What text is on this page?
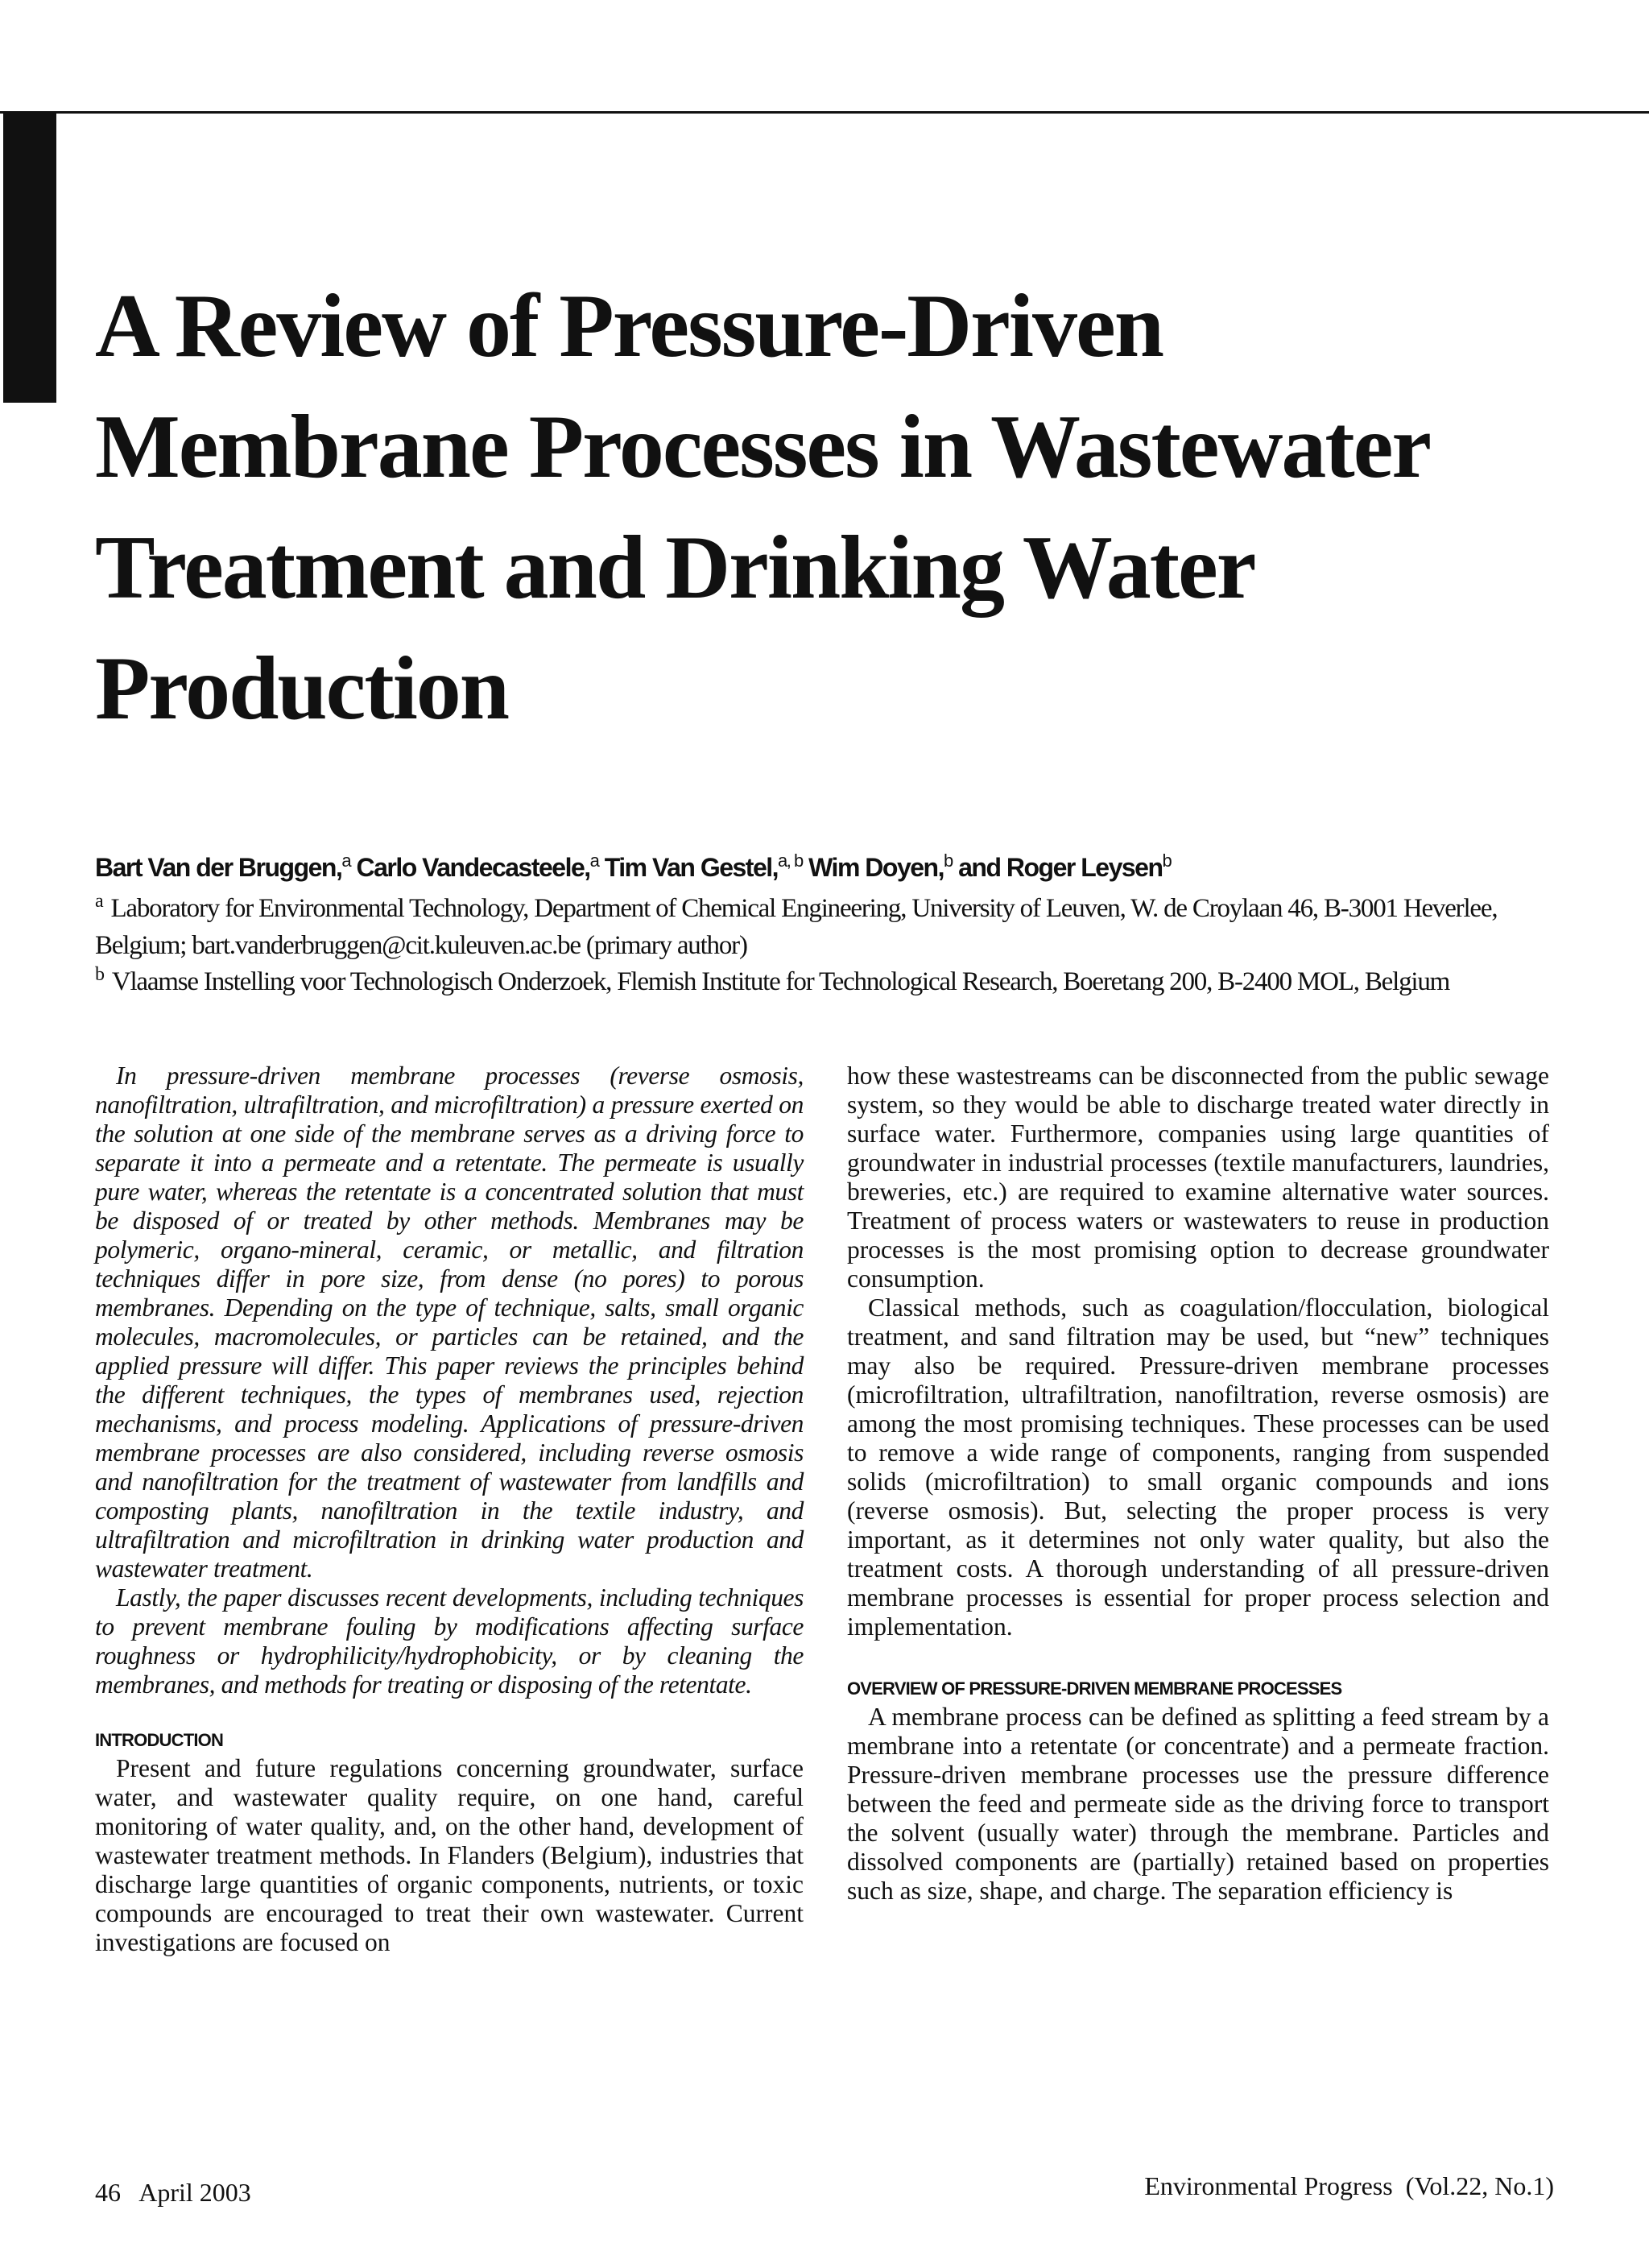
A Review of Pressure-Driven
Membrane Processes in Wastewater
Treatment and Drinking Water
Production
Bart Van der Bruggen,$^a$ Carlo Vandecasteele,$^a$ Tim Van Gestel,$^{a, b}$ Wim Doyen,$^b$ and Roger Leysen$^b$
$^a$ Laboratory for Environmental Technology, Department of Chemical Engineering, University of Leuven, W. de Croylaan 46, B-3001 Heverlee, Belgium; bart.vanderbruggen@cit.kuleuven.ac.be (primary author)
$^b$ Vlaamse Instelling voor Technologisch Onderzoek, Flemish Institute for Technological Research, Boeretang 200, B-2400 MOL, Belgium

In pressure-driven membrane processes (reverse osmosis, nanofiltration, ultrafiltration, and microfiltration) a pressure exerted on the solution at one side of the membrane serves as a driving force to separate it into a permeate and a retentate. The permeate is usually pure water, whereas the retentate is a concentrated solution that must be disposed of or treated by other methods. Membranes may be polymeric, organo-mineral, ceramic, or metallic, and filtration techniques differ in pore size, from dense (no pores) to porous membranes. Depending on the type of technique, salts, small organic molecules, macromolecules, or particles can be retained, and the applied pressure will differ. This paper reviews the principles behind the different techniques, the types of membranes used, rejection mechanisms, and process modeling. Applications of pressure-driven membrane processes are also considered, including reverse osmosis and nanofiltration for the treatment of wastewater from landfills and composting plants, nanofiltration in the textile industry, and ultrafiltration and microfiltration in drinking water production and wastewater treatment.

Lastly, the paper discusses recent developments, including techniques to prevent membrane fouling by modifications affecting surface roughness or hydrophilicity/hydrophobicity, or by cleaning the membranes, and methods for treating or disposing of the retentate.

INTRODUCTION

Present and future regulations concerning groundwater, surface water, and wastewater quality require, on one hand, careful monitoring of water quality, and, on the other hand, development of wastewater treatment methods. In Flanders (Belgium), industries that discharge large quantities of organic components, nutrients, or toxic compounds are encouraged to treat their own wastewater. Current investigations are focused on

how these wastestreams can be disconnected from the public sewage system, so they would be able to discharge treated water directly in surface water. Furthermore, companies using large quantities of groundwater in industrial processes (textile manufacturers, laundries, breweries, etc.) are required to examine alternative water sources. Treatment of process waters or wastewaters to reuse in production processes is the most promising option to decrease groundwater consumption.

Classical methods, such as coagulation/flocculation, biological treatment, and sand filtration may be used, but “new” techniques may also be required. Pressure-driven membrane processes (microfiltration, ultrafiltration, nanofiltration, reverse osmosis) are among the most promising techniques. These processes can be used to remove a wide range of components, ranging from suspended solids (microfiltration) to small organic compounds and ions (reverse osmosis). But, selecting the proper process is very important, as it determines not only water quality, but also the treatment costs. A thorough understanding of all pressure-driven membrane processes is essential for proper process selection and implementation.

OVERVIEW OF PRESSURE-DRIVEN MEMBRANE PROCESSES

A membrane process can be defined as splitting a feed stream by a membrane into a retentate (or concentrate) and a permeate fraction. Pressure-driven membrane processes use the pressure difference between the feed and permeate side as the driving force to transport the solvent (usually water) through the membrane. Particles and dissolved components are (partially) retained based on properties such as size, shape, and charge. The separation efficiency is

46   April 2003	Environmental Progress  (Vol.22, No.1)
